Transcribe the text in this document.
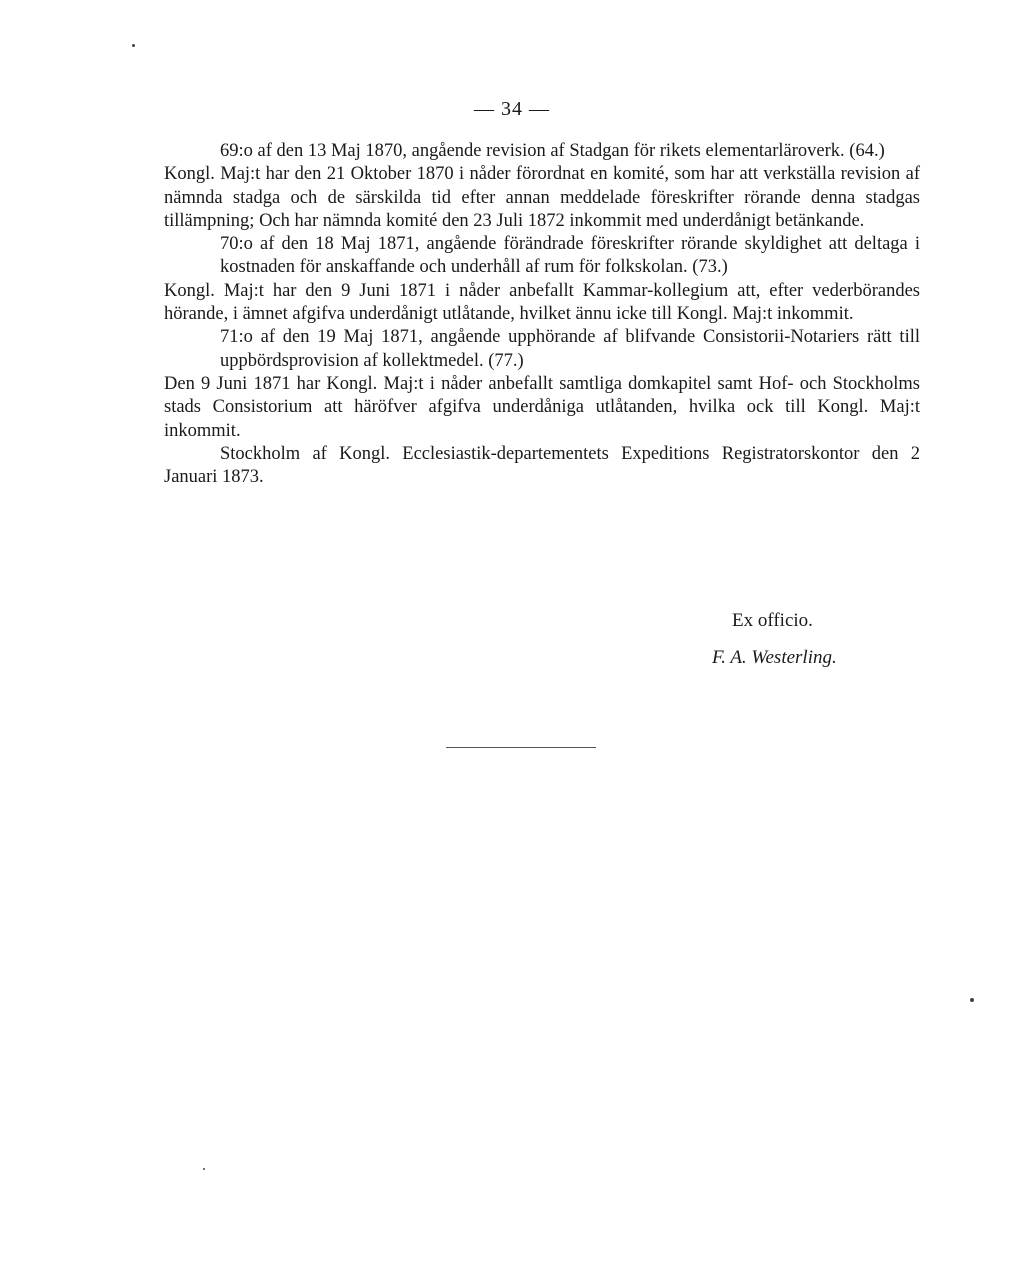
— 34 —

69:o af den 13 Maj 1870, angående revision af Stadgan för rikets elementarläroverk. (64.)

Kongl. Maj:t har den 21 Oktober 1870 i nåder förordnat en komité, som har att verkställa revision af nämnda stadga och de särskilda tid efter annan meddelade föreskrifter rörande denna stadgas tillämpning; Och har nämnda komité den 23 Juli 1872 inkommit med underdånigt betänkande.

70:o af den 18 Maj 1871, angående förändrade föreskrifter rörande skyldighet att deltaga i kostnaden för anskaffande och underhåll af rum för folkskolan. (73.)

Kongl. Maj:t har den 9 Juni 1871 i nåder anbefallt Kammar-kollegium att, efter vederbörandes hörande, i ämnet afgifva underdånigt utlåtande, hvilket ännu icke till Kongl. Maj:t inkommit.

71:o af den 19 Maj 1871, angående upphörande af blifvande Consistorii-Notariers rätt till uppbördsprovision af kollektmedel. (77.)

Den 9 Juni 1871 har Kongl. Maj:t i nåder anbefallt samtliga domkapitel samt Hof- och Stockholms stads Consistorium att häröfver afgifva underdåniga utlåtanden, hvilka ock till Kongl. Maj:t inkommit.

Stockholm af Kongl. Ecclesiastik-departementets Expeditions Registratorskontor den 2 Januari 1873.

Ex officio.
F. A. Westerling.
